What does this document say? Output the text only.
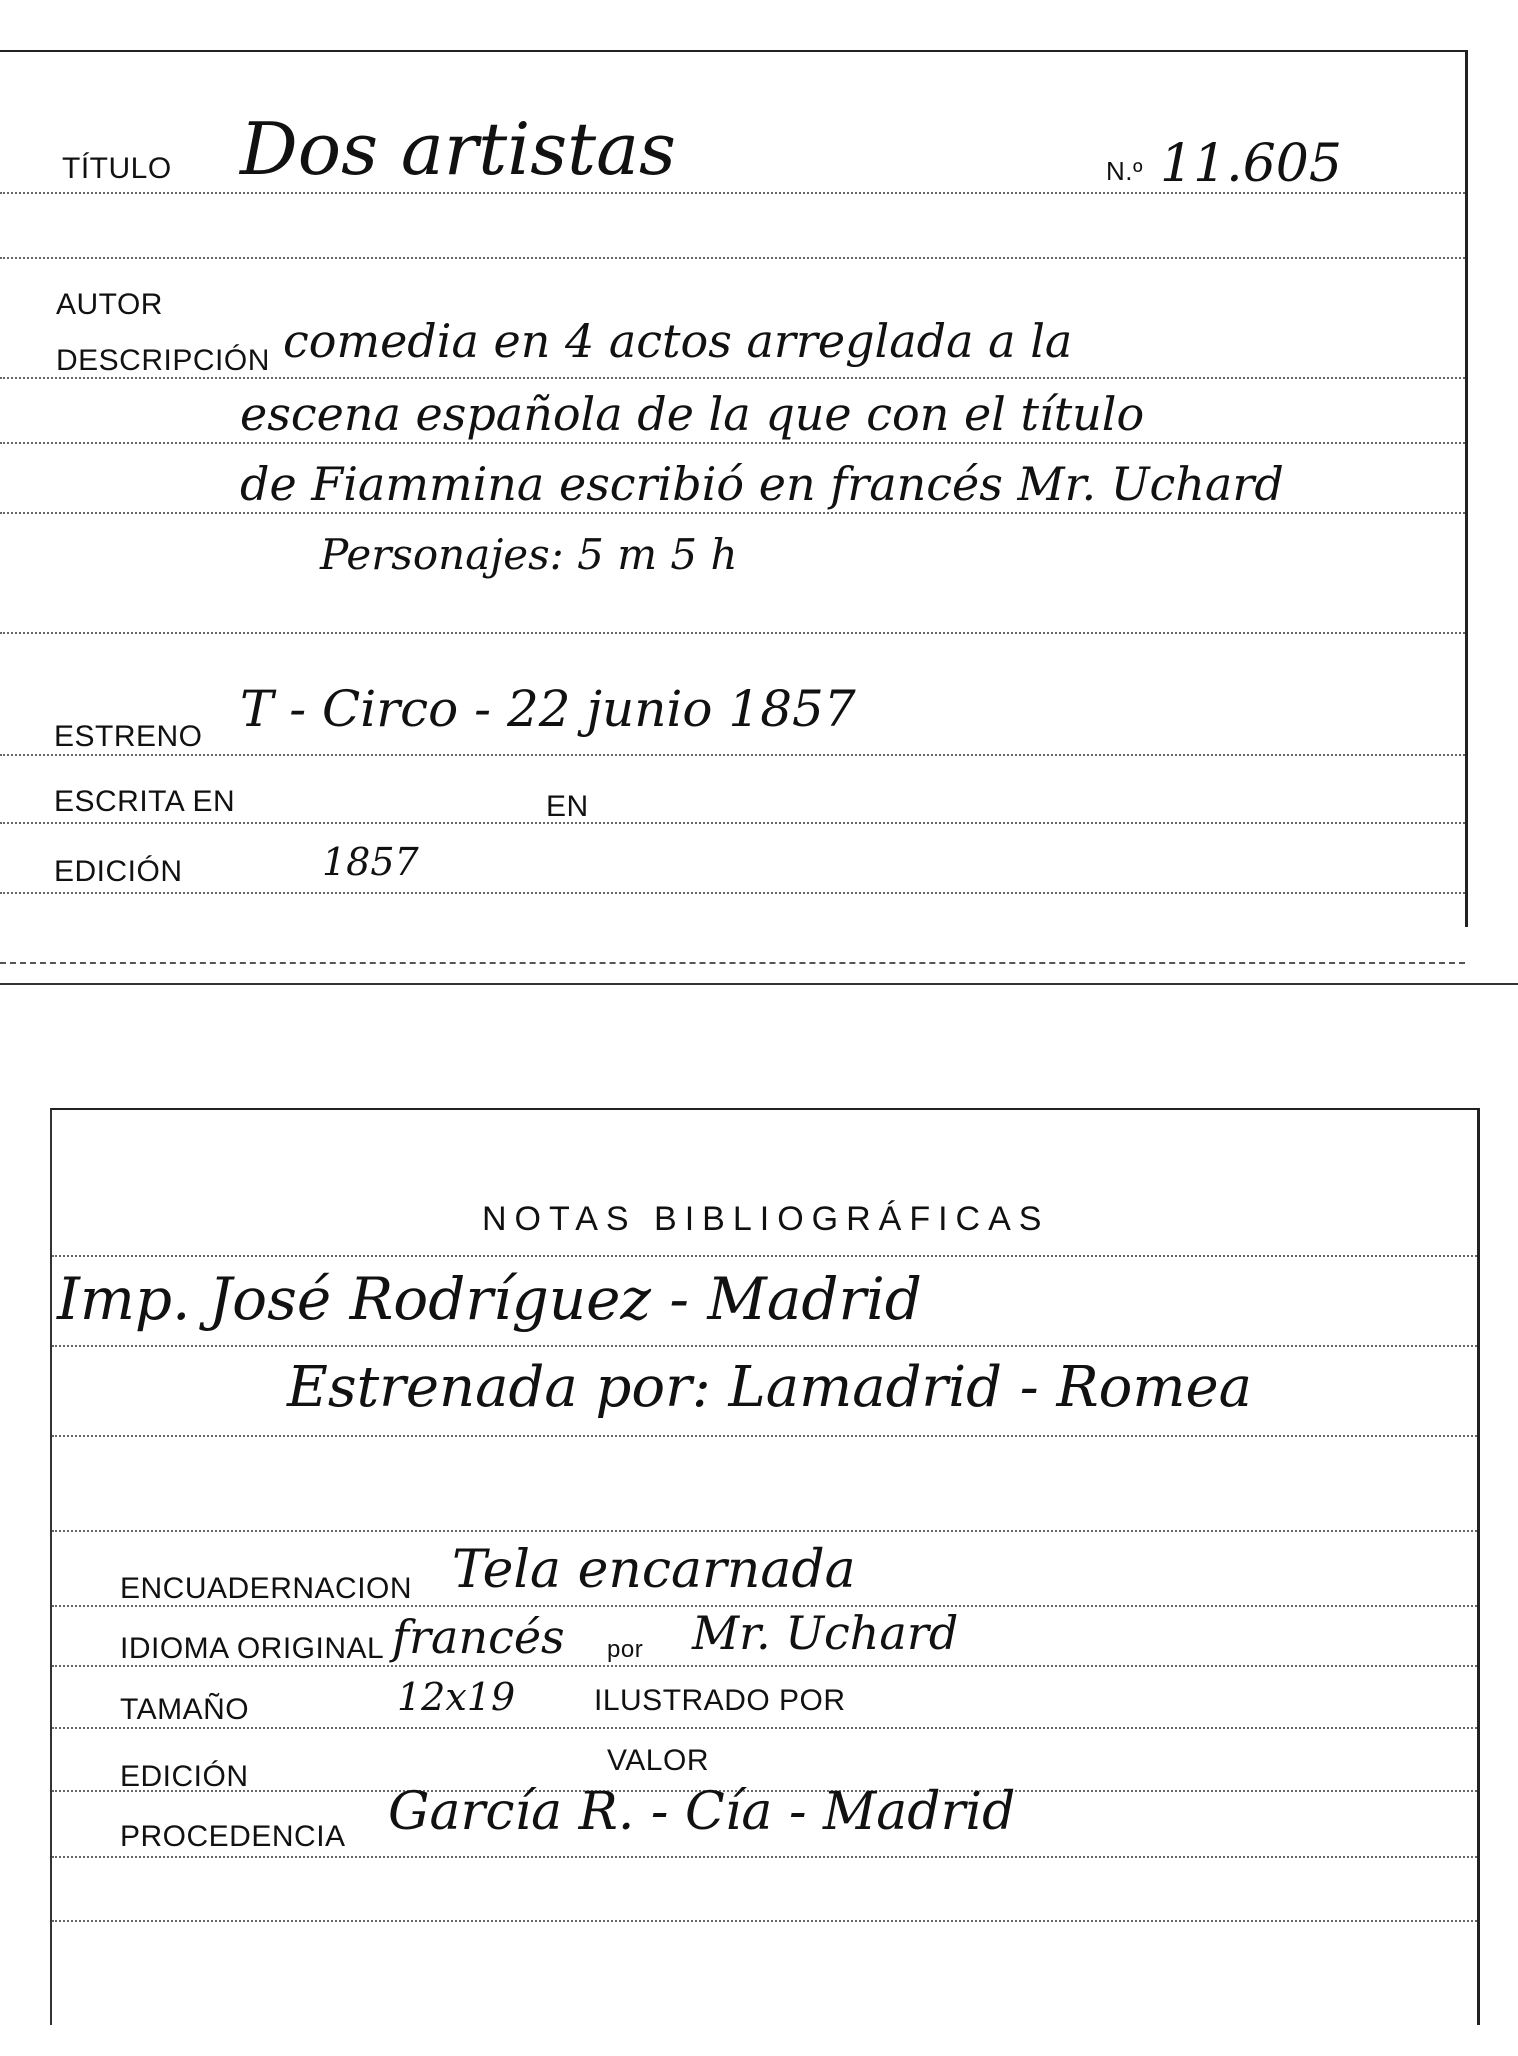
TÍTULO Dos artistas	N.º 11.605
AUTOR
DESCRIPCIÓN comedia en 4 actos arreglada a la
escena española de la que con el título
de Fiammina escribió en francés Mr. Uchard
Personajes: 5 m 5 h
ESTRENO T - Circo - 22 junio 1857
ESCRITA EN	EN
EDICIÓN	1857
NOTAS BIBLIOGRÁFICAS
Imp. José Rodríguez - Madrid
Estrenada por: Lamadrid - Romea
ENCUADERNACION Tela encarnada
IDIOMA ORIGINAL francés por Mr. Uchard
TAMAÑO	12x19	ILUSTRADO POR
EDICIÓN	VALOR
PROCEDENCIA García R. - Cía - Madrid
